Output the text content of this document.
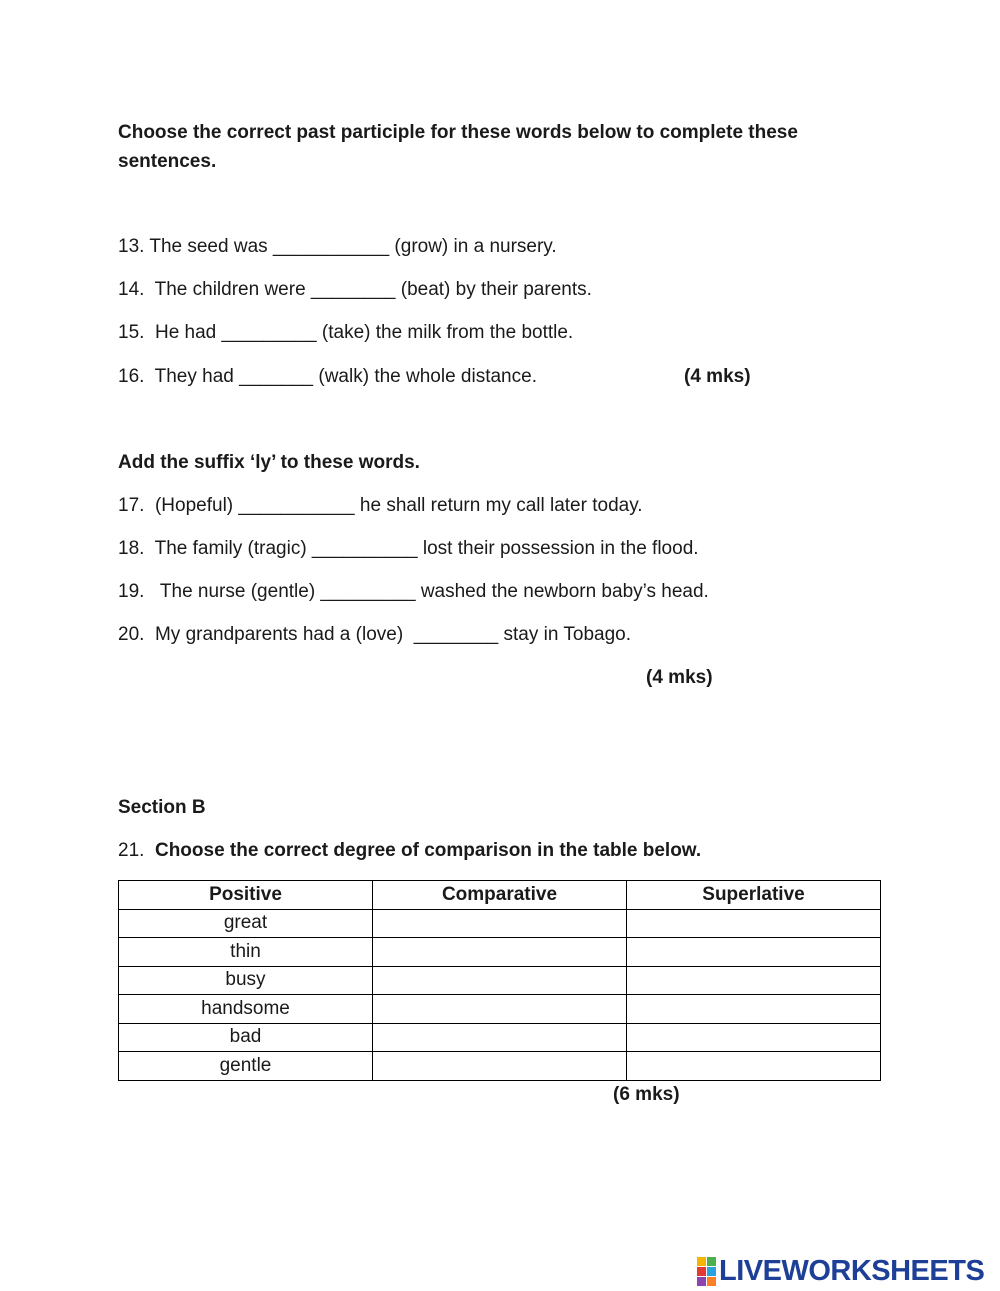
Choose the correct past participle for these words below to complete these sentences.
13. The seed was ___________ (grow) in a nursery.
14.  The children were ________ (beat) by their parents.
15.  He had _________ (take) the milk from the bottle.
16.  They had _______ (walk) the whole distance.	(4 mks)
Add the suffix ‘ly’ to these words.
17.  (Hopeful) ___________ he shall return my call later today.
18.  The family (tragic) __________ lost their possession in the flood.
19.   The nurse (gentle) _________ washed the newborn baby’s head.
20.  My grandparents had a (love)  ________ stay in Tobago.
(4 mks)
Section B
21. Choose the correct degree of comparison in the table below.
Positive	Comparative	Superlative
great		
thin		
busy		
handsome		
bad		
gentle		
(6 mks)
LIVEWORKSHEETS
